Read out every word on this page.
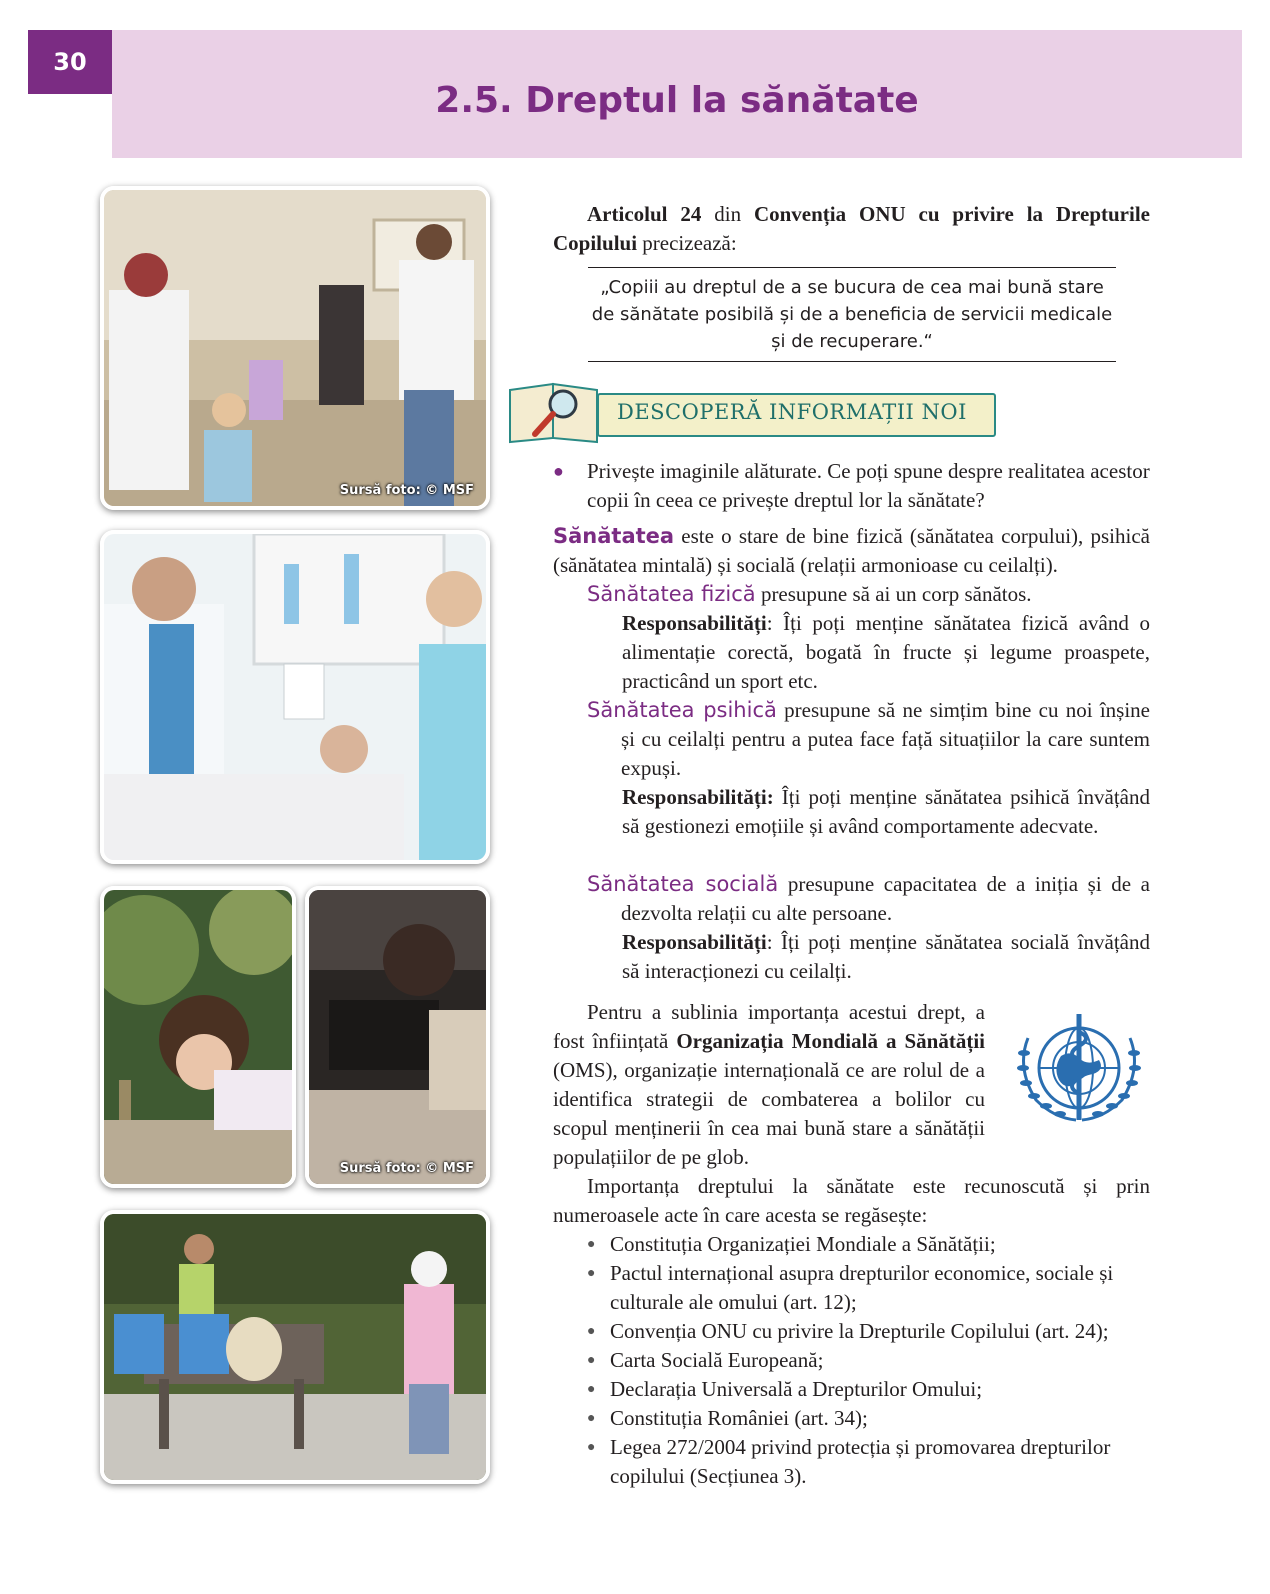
30
2.5. Dreptul la sănătate
Sursă foto: © MSF
Sursă foto: © MSF
Articolul 24 din Convenția ONU cu privire la Drepturile Copilului precizează:
„Copiii au dreptul de a se bucura de cea mai bună stare de sănătate posibilă și de a beneficia de servicii medicale și de recuperare.“
DESCOPERĂ INFORMAȚII NOI
● Privește imaginile alăturate. Ce poți spune despre realitatea acestor copii în ceea ce privește dreptul lor la sănătate?
Sănătatea este o stare de bine fizică (sănătatea corpului), psihică (sănătatea mintală) și socială (relații armonioase cu ceilalți).
Sănătatea fizică presupune să ai un corp sănătos.
Responsabilități: Îți poți menține sănătatea fizică având o alimentație corectă, bogată în fructe și legume proaspete, practicând un sport etc.
Sănătatea psihică presupune să ne simțim bine cu noi înșine și cu ceilalți pentru a putea face față situațiilor la care suntem expuși.
Responsabilități: Îți poți menține sănătatea psihică învățând să gestionezi emoțiile și având comportamente adecvate.
Sănătatea socială presupune capacitatea de a iniția și de a dezvolta relații cu alte persoane.
Responsabilități: Îți poți menține sănătatea socială învățând să interacționezi cu ceilalți.
Pentru a sublinia importanța acestui drept, a fost înființată Organizația Mondială a Sănătății (OMS), organizație internațională ce are rolul de a identifica strategii de combaterea a bolilor cu scopul menținerii în cea mai bună stare a sănătății populațiilor de pe glob.
Importanța dreptului la sănătate este recunoscută și prin numeroasele acte în care acesta se regăsește:
● Constituția Organizației Mondiale a Sănătății;
● Pactul internațional asupra drepturilor economice, sociale și culturale ale omului (art. 12);
● Convenția ONU cu privire la Drepturile Copilului (art. 24);
● Carta Socială Europeană;
● Declarația Universală a Drepturilor Omului;
● Constituția României (art. 34);
● Legea 272/2004 privind protecția și promovarea drepturilor copilului (Secțiunea 3).
